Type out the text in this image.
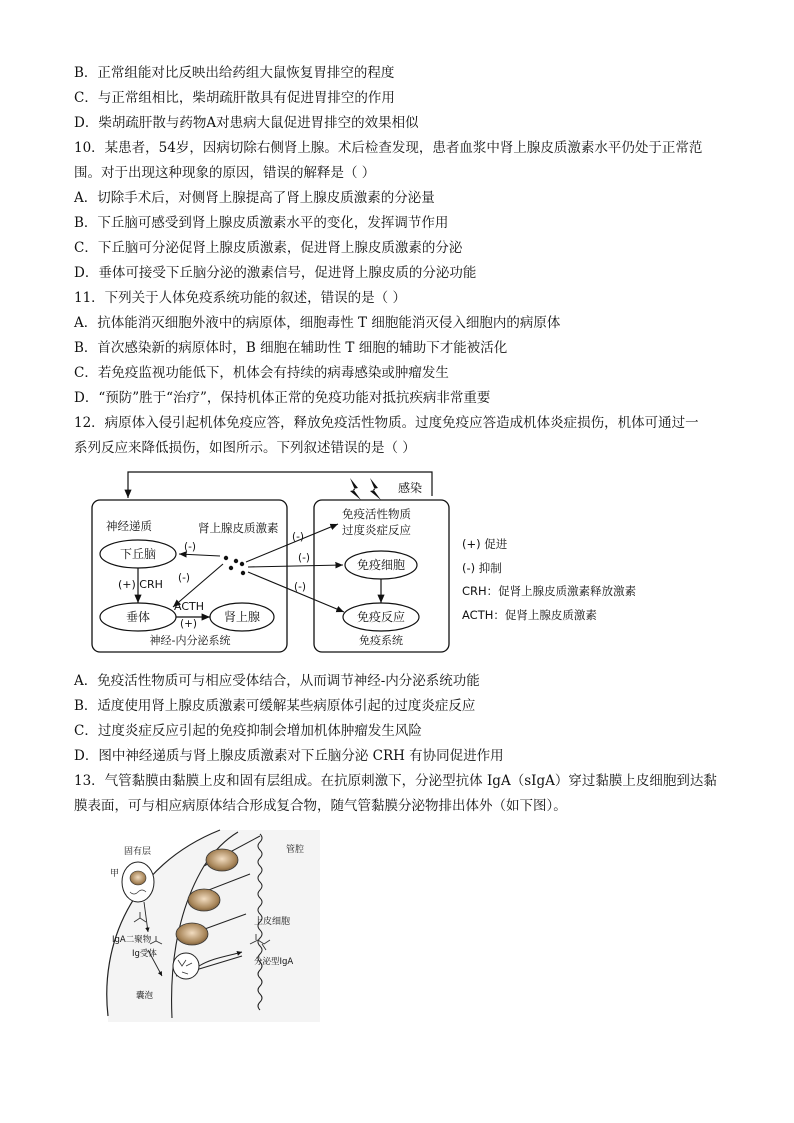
B．正常组能对比反映出给药组大鼠恢复胃排空的程度
C．与正常组相比，柴胡疏肝散具有促进胃排空的作用
D．柴胡疏肝散与药物A对患病大鼠促进胃排空的效果相似
10．某患者，54岁，因病切除右侧肾上腺。术后检查发现，患者血浆中肾上腺皮质激素水平仍处于正常范
围。对于出现这种现象的原因，错误的解释是（ ）
A．切除手术后，对侧肾上腺提高了肾上腺皮质激素的分泌量
B．下丘脑可感受到肾上腺皮质激素水平的变化，发挥调节作用
C．下丘脑可分泌促肾上腺皮质激素，促进肾上腺皮质激素的分泌
D．垂体可接受下丘脑分泌的激素信号，促进肾上腺皮质的分泌功能
11．下列关于人体免疫系统功能的叙述，错误的是（ ）
A．抗体能消灭细胞外液中的病原体，细胞毒性 T 细胞能消灭侵入细胞内的病原体
B．首次感染新的病原体时，B 细胞在辅助性 T 细胞的辅助下才能被活化
C．若免疫监视功能低下，机体会有持续的病毒感染或肿瘤发生
D．“预防”胜于“治疗”，保持机体正常的免疫功能对抵抗疾病非常重要
12．病原体入侵引起机体免疫应答，释放免疫活性物质。过度免疫应答造成机体炎症损伤，机体可通过一
系列反应来降低损伤，如图所示。下列叙述错误的是（ ）
感染
神经递质	肾上腺皮质激素
下丘脑
(+) CRH
垂体
ACTH
(+) 肾上腺
神经-内分泌系统
(-)
(-)
免疫活性物质
过度炎症反应
免疫细胞
免疫反应
免疫系统
(-)
(-)
(-)
(+) 促进
(-) 抑制
CRH：促肾上腺皮质激素释放激素
ACTH：促肾上腺皮质激素
A．免疫活性物质可与相应受体结合，从而调节神经-内分泌系统功能
B．适度使用肾上腺皮质激素可缓解某些病原体引起的过度炎症反应
C．过度炎症反应引起的免疫抑制会增加机体肿瘤发生风险
D．图中神经递质与肾上腺皮质激素对下丘脑分泌 CRH 有协同促进作用
13．气管黏膜由黏膜上皮和固有层组成。在抗原刺激下，分泌型抗体 IgA（sIgA）穿过黏膜上皮细胞到达黏
膜表面，可与相应病原体结合形成复合物，随气管黏膜分泌物排出体外（如下图）。
固有层
甲
管腔
上皮细胞
IgA二聚物
Ig受体
囊泡
分泌型IgA
